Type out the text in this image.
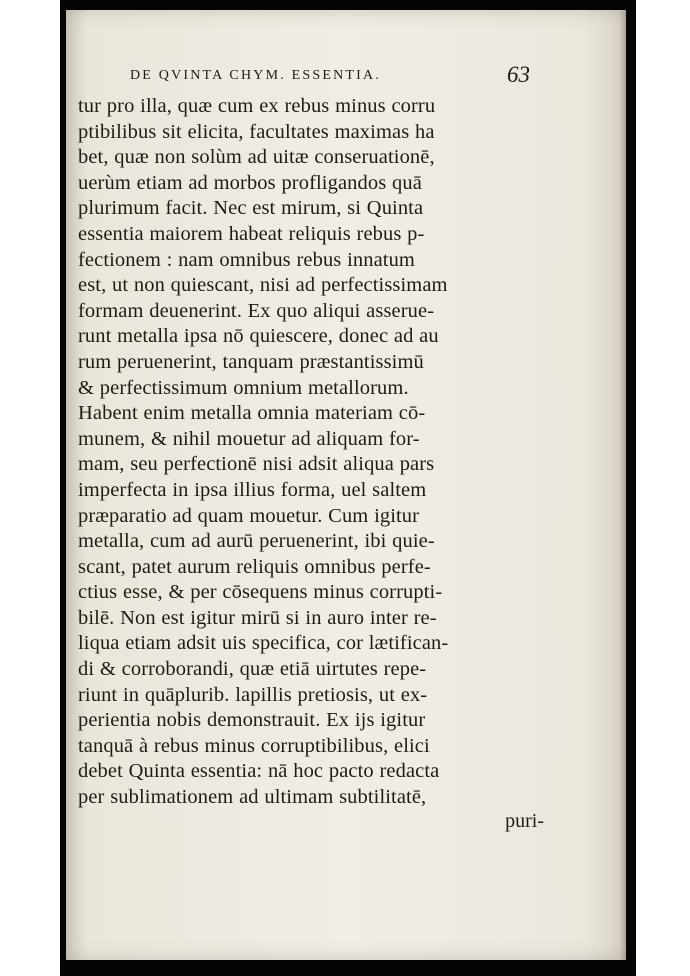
DE QVINTA CHYM. ESSENTIA.	63
tur pro illa, quæ cum ex rebus minus corru
ptibilibus sit elicita, facultates maximas ha
bet, quæ non solùm ad uitæ conseruationē,
uerùm etiam ad morbos profligandos quā
plurimum facit. Nec est mirum, si Quinta
essentia maiorem habeat reliquis rebus p-
fectionem : nam omnibus rebus innatum
est, ut non quiescant, nisi ad perfectissimam
formam deuenerint. Ex quo aliqui asserue-
runt metalla ipsa nō quiescere, donec ad au
rum peruenerint, tanquam præstantissimū
& perfectissimum omnium metallorum.
Habent enim metalla omnia materiam cō-
munem, & nihil mouetur ad aliquam for-
mam, seu perfectionē nisi adsit aliqua pars
imperfecta in ipsa illius forma, uel saltem
præparatio ad quam mouetur. Cum igitur
metalla, cum ad aurū peruenerint, ibi quie-
scant, patet aurum reliquis omnibus perfe-
ctius esse, & per cōsequens minus corrupti-
bilē. Non est igitur mirū si in auro inter re-
liqua etiam adsit uis specifica, cor lætifican-
di & corroborandi, quæ etiā uirtutes repe-
riunt in quāplurib. lapillis pretiosis, ut ex-
perientia nobis demonstrauit. Ex ijs igitur
tanquā à rebus minus corruptibilibus, elici
debet Quinta essentia: nā hoc pacto redacta
per sublimationem ad ultimam subtilitatē,
puri-
